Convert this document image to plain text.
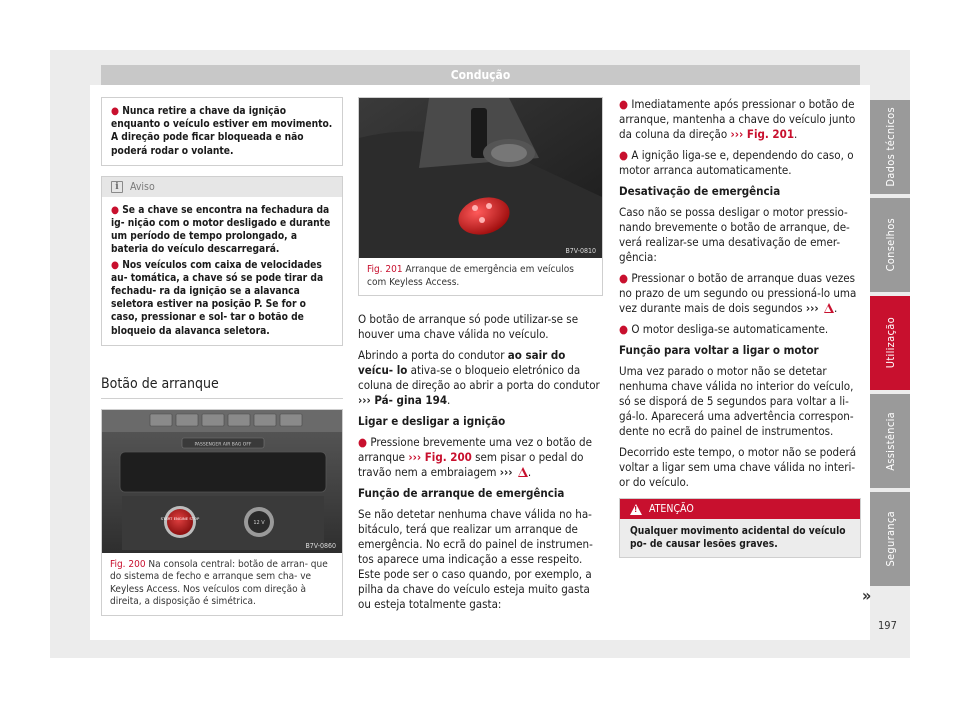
Condução
Dados técnicos
Conselhos
Utilização
Assistência
Segurança
197
● Nunca retire a chave da ignição enquanto o veículo estiver em movimento. A direção pode ficar bloqueada e não poderá rodar o volante.
i	Aviso

● Se a chave se encontra na fechadura da ig- nição com o motor desligado e durante um período de tempo prolongado, a bateria do veículo descarregará.

● Nos veículos com caixa de velocidades au- tomática, a chave só se pode tirar da fechadu- ra da ignição se a alavanca seletora estiver na posição P. Se for o caso, pressionar e sol- tar o botão de bloqueio da alavanca seletora.

Botão de arranque
PASSENGER AIR BAG OFF
START ENGINE STOP
12 V
B7V-0860
Fig. 200 Na consola central: botão de arran- que do sistema de fecho e arranque sem cha- ve Keyless Access. Nos veículos com direção à direita, a disposição é simétrica.
B7V-0810
Fig. 201 Arranque de emergência em veículos com Keyless Access.

O botão de arranque só pode utilizar-se se houver uma chave válida no veículo.

Abrindo a porta do condutor ao sair do veícu- lo ativa-se o bloqueio eletrónico da coluna de direção ao abrir a porta do condutor ››› Pá- gina 194.

Ligar e desligar a ignição

● Pressione brevemente uma vez o botão de arranque ››› Fig. 200 sem pisar o pedal do travão nem a embraiagem ››› .

Função de arranque de emergência

Se não detetar nenhuma chave válida no ha- bitáculo, terá que realizar um arranque de emergência. No ecrã do painel de instrumen- tos aparece uma indicação a esse respeito. Este pode ser o caso quando, por exemplo, a pilha da chave do veículo esteja muito gasta ou esteja totalmente gasta:

● Imediatamente após pressionar o botão de arranque, mantenha a chave do veículo junto da coluna da direção ››› Fig. 201.

● A ignição liga-se e, dependendo do caso, o motor arranca automaticamente.

Desativação de emergência

Caso não se possa desligar o motor pressio- nando brevemente o botão de arranque, de- verá realizar-se uma desativação de emer- gência:

● Pressionar o botão de arranque duas vezes no prazo de um segundo ou pressioná-lo uma vez durante mais de dois segundos ››› .

● O motor desliga-se automaticamente.

Função para voltar a ligar o motor

Uma vez parado o motor não se detetar nenhuma chave válida no interior do veículo, só se disporá de 5 segundos para voltar a li- gá-lo. Aparecerá uma advertência correspon- dente no ecrã do painel de instrumentos.

Decorrido este tempo, o motor não se poderá voltar a ligar sem uma chave válida no interi- or do veículo.

!
ATENÇÃO
Qualquer movimento acidental do veículo po- de causar lesões graves.
»
